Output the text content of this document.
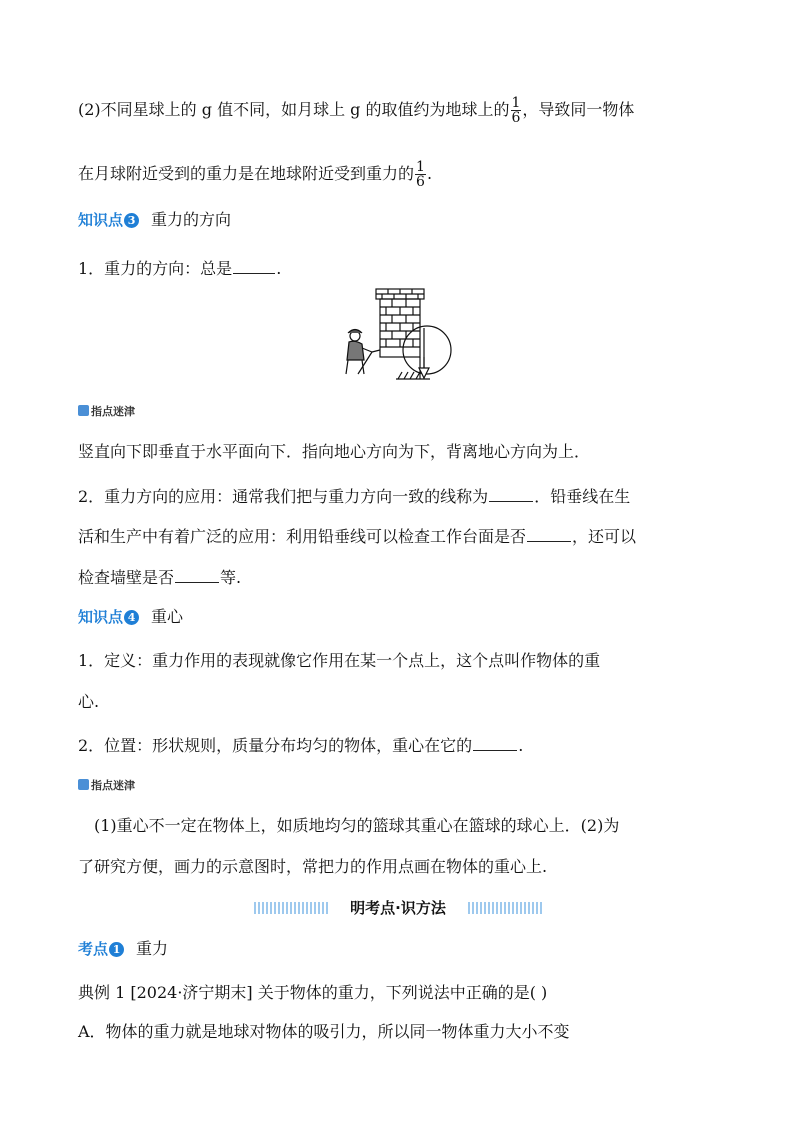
(2)不同星球上的 g 值不同，如月球上 g 的取值约为地球上的 $\frac{1}{6}$ ，导致同一物体
在月球附近受到的重力是在地球附近受到重力的 $\frac{1}{6}$ .
知识点 3 重力的方向
1．重力的方向：总是	.
指点迷津
竖直向下即垂直于水平面向下．指向地心方向为下，背离地心方向为上．
2．重力方向的应用：通常我们把与重力方向一致的线称为	．铅垂线在生
活和生产中有着广泛的应用：利用铅垂线可以检查工作台面是否	，还可以
检查墙壁是否	等.
知识点 4 重心
1．定义：重力作用的表现就像它作用在某一个点上，这个点叫作物体的重
心.
2．位置：形状规则，质量分布均匀的物体，重心在它的	.
指点迷津
(1)重心不一定在物体上，如质地均匀的篮球其重心在篮球的球心上．(2)为
了研究方便，画力的示意图时，常把力的作用点画在物体的重心上.
明考点·识方法
考点 1 重力
典例 1 [2024·济宁期末] 关于物体的重力，下列说法中正确的是( )
A．物体的重力就是地球对物体的吸引力，所以同一物体重力大小不变
